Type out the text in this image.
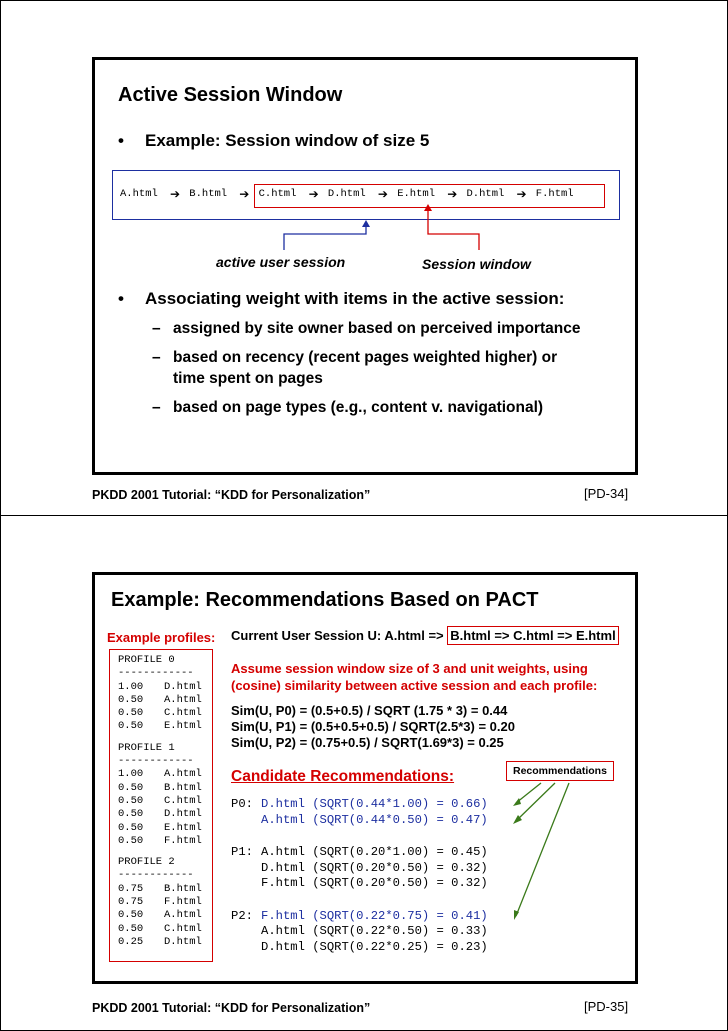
Active Session Window
• Example: Session window of size 5
A.html ➔ B.html ➔ C.html ➔ D.html ➔ E.html ➔ D.html ➔ F.html
active user session	Session window
• Associating weight with items in the active session:
– assigned by site owner based on perceived importance
– based on recency (recent pages weighted higher) or
time spent on pages
– based on page types (e.g., content v. navigational)
PKDD 2001 Tutorial: “KDD for Personalization”	[PD-34]
Example: Recommendations Based on PACT
Example profiles: Current User Session U: A.html => B.html => C.html => E.html
PROFILE 0
------------
1.00 D.html
0.50 A.html
0.50 C.html
0.50 E.html
PROFILE 1
------------
1.00 A.html
0.50 B.html
0.50 C.html
0.50 D.html
0.50 E.html
0.50 F.html
PROFILE 2
------------
0.75 B.html
0.75 F.html
0.50 A.html
0.50 C.html
0.25 D.html
Assume session window size of 3 and unit weights, using
(cosine) similarity between active session and each profile:
Sim(U, P0) = (0.5+0.5) / SQRT (1.75 * 3) = 0.44
Sim(U, P1) = (0.5+0.5+0.5) / SQRT(2.5*3) = 0.20
Sim(U, P2) = (0.75+0.5) / SQRT(1.69*3) = 0.25
Candidate Recommendations:	Recommendations
P0: D.html (SQRT(0.44*1.00) = 0.66)
A.html (SQRT(0.44*0.50) = 0.47)
P1: A.html (SQRT(0.20*1.00) = 0.45)
D.html (SQRT(0.20*0.50) = 0.32)
F.html (SQRT(0.20*0.50) = 0.32)
P2: F.html (SQRT(0.22*0.75) = 0.41)
A.html (SQRT(0.22*0.50) = 0.33)
D.html (SQRT(0.22*0.25) = 0.23)
PKDD 2001 Tutorial: “KDD for Personalization”	[PD-35]
